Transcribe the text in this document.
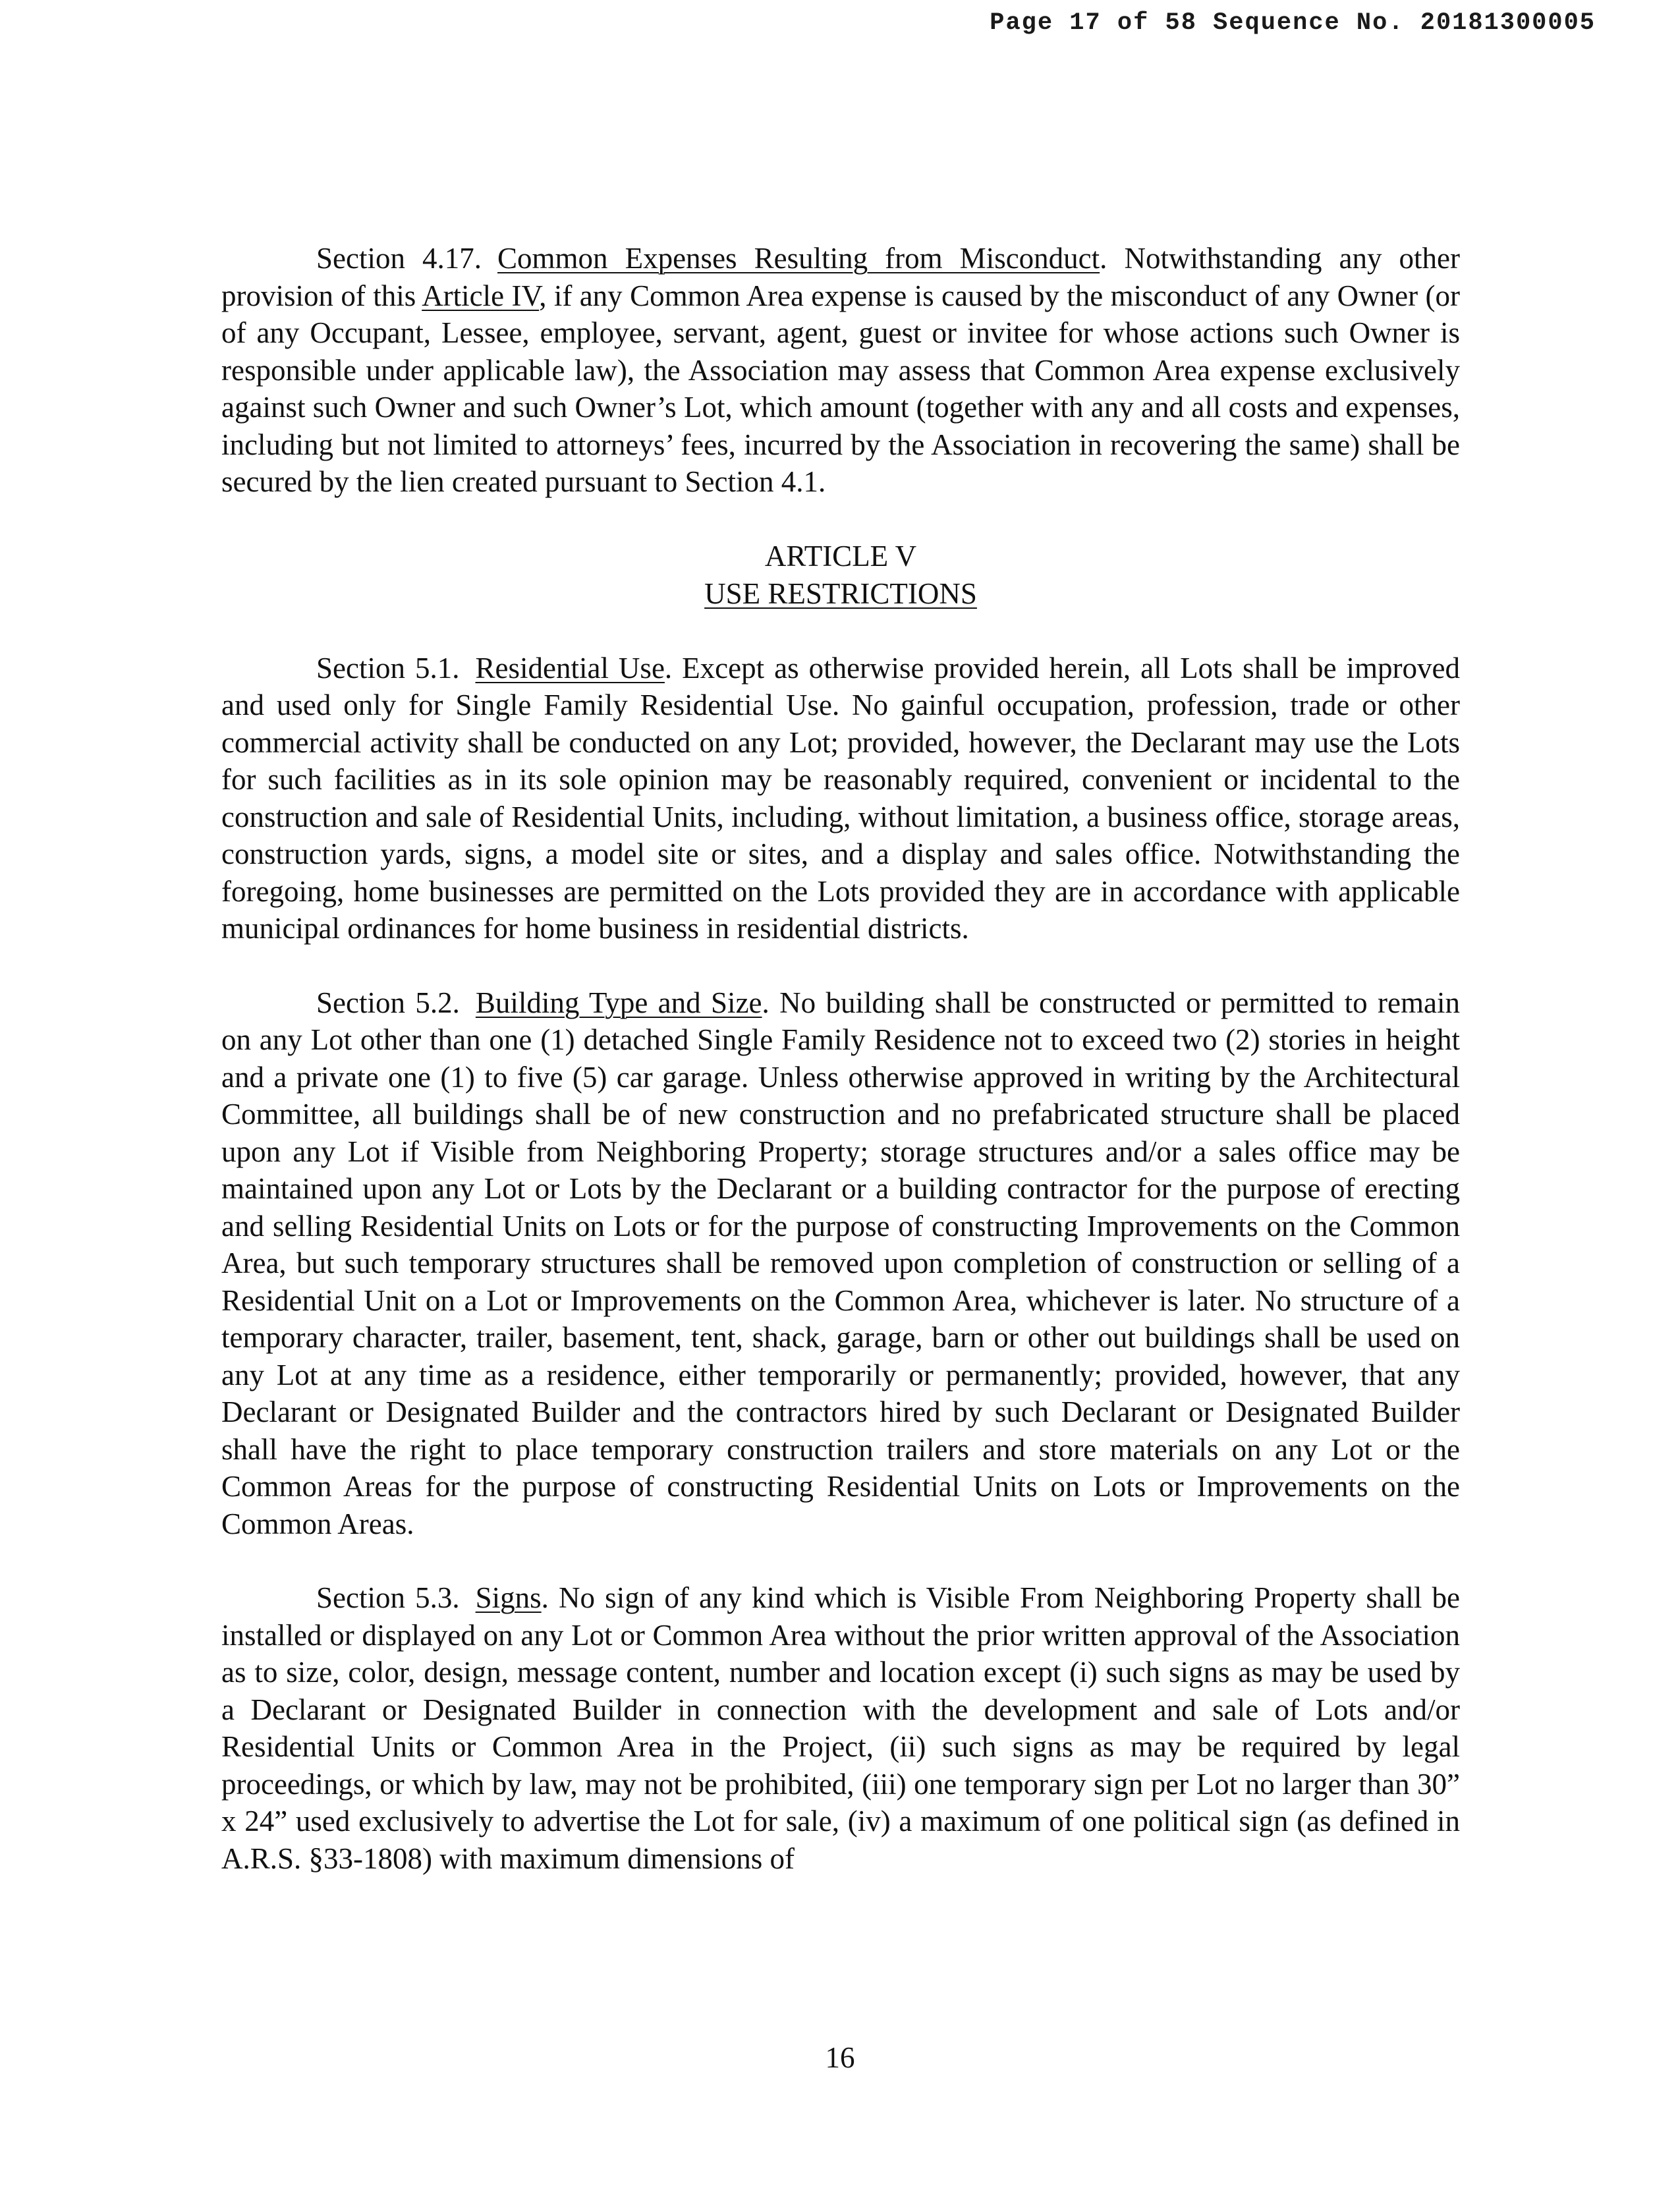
Page 17 of 58 Sequence No. 20181300005

Section 4.17. Common Expenses Resulting from Misconduct. Notwithstanding any other provision of this Article IV, if any Common Area expense is caused by the misconduct of any Owner (or of any Occupant, Lessee, employee, servant, agent, guest or invitee for whose actions such Owner is responsible under applicable law), the Association may assess that Common Area expense exclusively against such Owner and such Owner’s Lot, which amount (together with any and all costs and expenses, including but not limited to attorneys’ fees, incurred by the Association in recovering the same) shall be secured by the lien created pursuant to Section 4.1.

ARTICLE V
USE RESTRICTIONS

Section 5.1. Residential Use. Except as otherwise provided herein, all Lots shall be improved and used only for Single Family Residential Use. No gainful occupation, profession, trade or other commercial activity shall be conducted on any Lot; provided, however, the Declarant may use the Lots for such facilities as in its sole opinion may be reasonably required, convenient or incidental to the construction and sale of Residential Units, including, without limitation, a business office, storage areas, construction yards, signs, a model site or sites, and a display and sales office. Notwithstanding the foregoing, home businesses are permitted on the Lots provided they are in accordance with applicable municipal ordinances for home business in residential districts.

Section 5.2. Building Type and Size. No building shall be constructed or permitted to remain on any Lot other than one (1) detached Single Family Residence not to exceed two (2) stories in height and a private one (1) to five (5) car garage. Unless otherwise approved in writing by the Architectural Committee, all buildings shall be of new construction and no prefabricated structure shall be placed upon any Lot if Visible from Neighboring Property; storage structures and/or a sales office may be maintained upon any Lot or Lots by the Declarant or a building contractor for the purpose of erecting and selling Residential Units on Lots or for the purpose of constructing Improvements on the Common Area, but such temporary structures shall be removed upon completion of construction or selling of a Residential Unit on a Lot or Improvements on the Common Area, whichever is later. No structure of a temporary character, trailer, basement, tent, shack, garage, barn or other out buildings shall be used on any Lot at any time as a residence, either temporarily or permanently; provided, however, that any Declarant or Designated Builder and the contractors hired by such Declarant or Designated Builder shall have the right to place temporary construction trailers and store materials on any Lot or the Common Areas for the purpose of constructing Residential Units on Lots or Improvements on the Common Areas.

Section 5.3. Signs. No sign of any kind which is Visible From Neighboring Property shall be installed or displayed on any Lot or Common Area without the prior written approval of the Association as to size, color, design, message content, number and location except (i) such signs as may be used by a Declarant or Designated Builder in connection with the development and sale of Lots and/or Residential Units or Common Area in the Project, (ii) such signs as may be required by legal proceedings, or which by law, may not be prohibited, (iii) one temporary sign per Lot no larger than 30” x 24” used exclusively to advertise the Lot for sale, (iv) a maximum of one political sign (as defined in A.R.S. §33-1808) with maximum dimensions of

16
